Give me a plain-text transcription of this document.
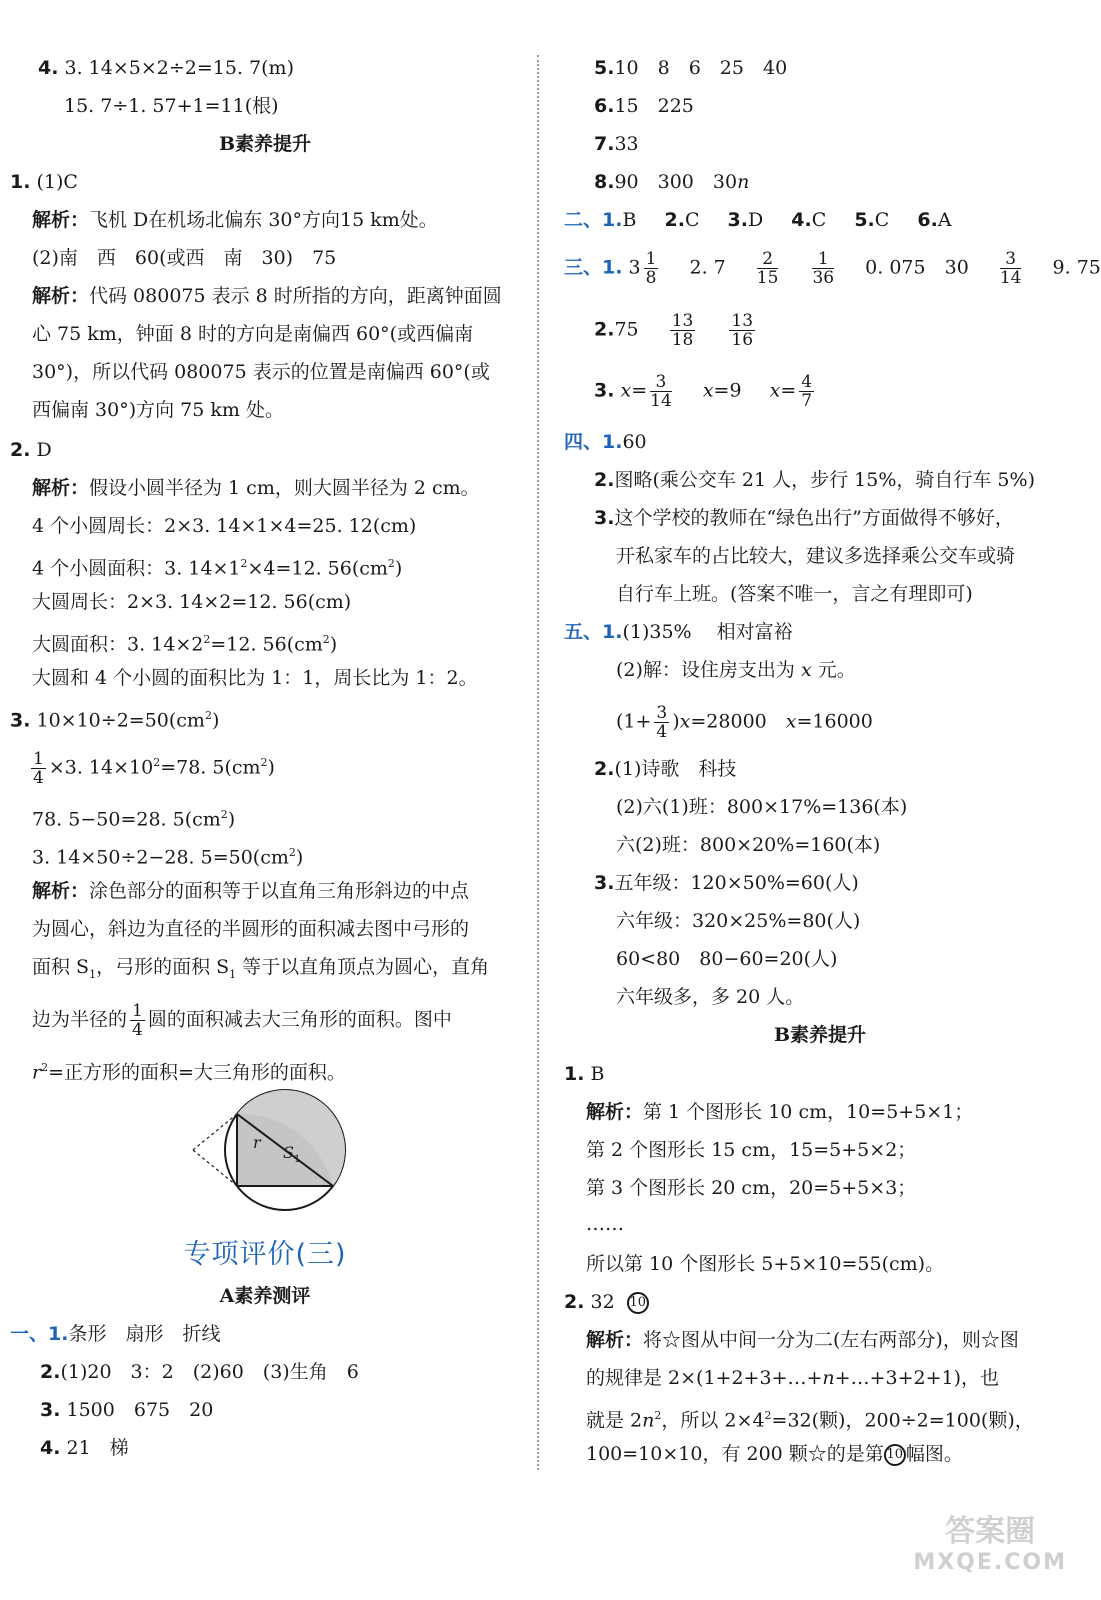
4. 3. 14×5×2÷2=15. 7(m)
15. 7÷1. 57+1=11(根)
B素养提升
1. (1)C
解析：飞机 D在机场北偏东 30°方向15 km处。
(2)南　西　60(或西　南　30)　75
解析：代码 080075 表示 8 时所指的方向，距离钟面圆
心 75 km，钟面 8 时的方向是南偏西 60°(或西偏南
30°)，所以代码 080075 表示的位置是南偏西 60°(或
西偏南 30°)方向 75 km 处。
2. D
解析：假设小圆半径为 1 cm，则大圆半径为 2 cm。
4 个小圆周长：2×3. 14×1×4=25. 12(cm)
4 个小圆面积：3. $14\times 1^2\times 4=12$. $56(cm^2)$
大圆周长：2×3. 14×2=12. 56(cm)
大圆面积：3. $14\times 2^2=12$. $56(cm^2)$
大圆和 4 个小圆的面积比为 1：1，周长比为 1：2。
3. $10\times 10\div 2=50(cm^2)$
$\frac{1}{4} \times 3$. $14\times 10^2=78$. $5(cm^2)$
78. 5−50=28. $5(cm^2)$
3. 14×50÷2−28. $5=50(cm^2)$
解析：涂色部分的面积等于以直角三角形斜边的中点
为圆心，斜边为直径的半圆形的面积减去图中弓形的
面积 $S_1$，弓形的面积 $S_1$ 等于以直角顶点为圆心，直角
边为半径的 $\frac{1}{4}$ 圆的面积减去大三角形的面积。图中
$r^2=$正方形的面积=大三角形的面积。
r
S 1
专项评价(三)
A素养测评
一、1.条形　扇形　折线
2.(1)20　3：2　(2)60　(3)生角　6
3. 1500　675　20
4. 21　梯
5.10　8　6　25　40
6.15　225
7.33
8.90　300　30n
二、1.B 2.C 3.D 4.C 5.C 6.A
三、1. $3 \frac{1}{8} 2$. $7 \frac{2}{15}$
$\frac{1}{36} 0$. 075　$30 \frac{3}{14} 9$. 75
$2.75 \frac{13}{18}$
$\frac{13}{16}$
3. $x= \frac{3}{14} x=9$ $x= \frac{4}{7}$
四、1.60
2.图略(乘公交车 21 人，步行 15%，骑自行车 5%)
3.这个学校的教师在“绿色出行”方面做得不够好，
开私家车的占比较大，建议多选择乘公交车或骑
自行车上班。(答案不唯一，言之有理即可)
五、1.(1)35%　 相对富裕
(2)解：设住房支出为 x 元。
$(1+ \frac{3}{4} )x=28000$　x=16000
2.(1)诗歌　科技
(2)六(1)班：800×17%=136(本)
六(2)班：800×20%=160(本)
3.五年级：120×50%=60(人)
六年级：320×25%=80(人)
60<80　80−60=20(人)
六年级多，多 20 人。
B素养提升
1. B
解析：第 1 个图形长 10 cm，10=5+5×1；
第 2 个图形长 15 cm，15=5+5×2；
第 3 个图形长 20 cm，20=5+5×3；
……
所以第 10 个图形长 5+5×10=55(cm)。
2. 32 10
解析：将☆图从中间一分为二(左右两部分)，则☆图
的规律是 2×(1+2+3+…+n+…+3+2+1)，也
就是 $2n^2$，所以 $2\times 4^2=32$(颗)，200÷2=100(颗)，
100=10×10，有 200 颗☆的是第 10 幅图。
答案圈
MXQE.COM
